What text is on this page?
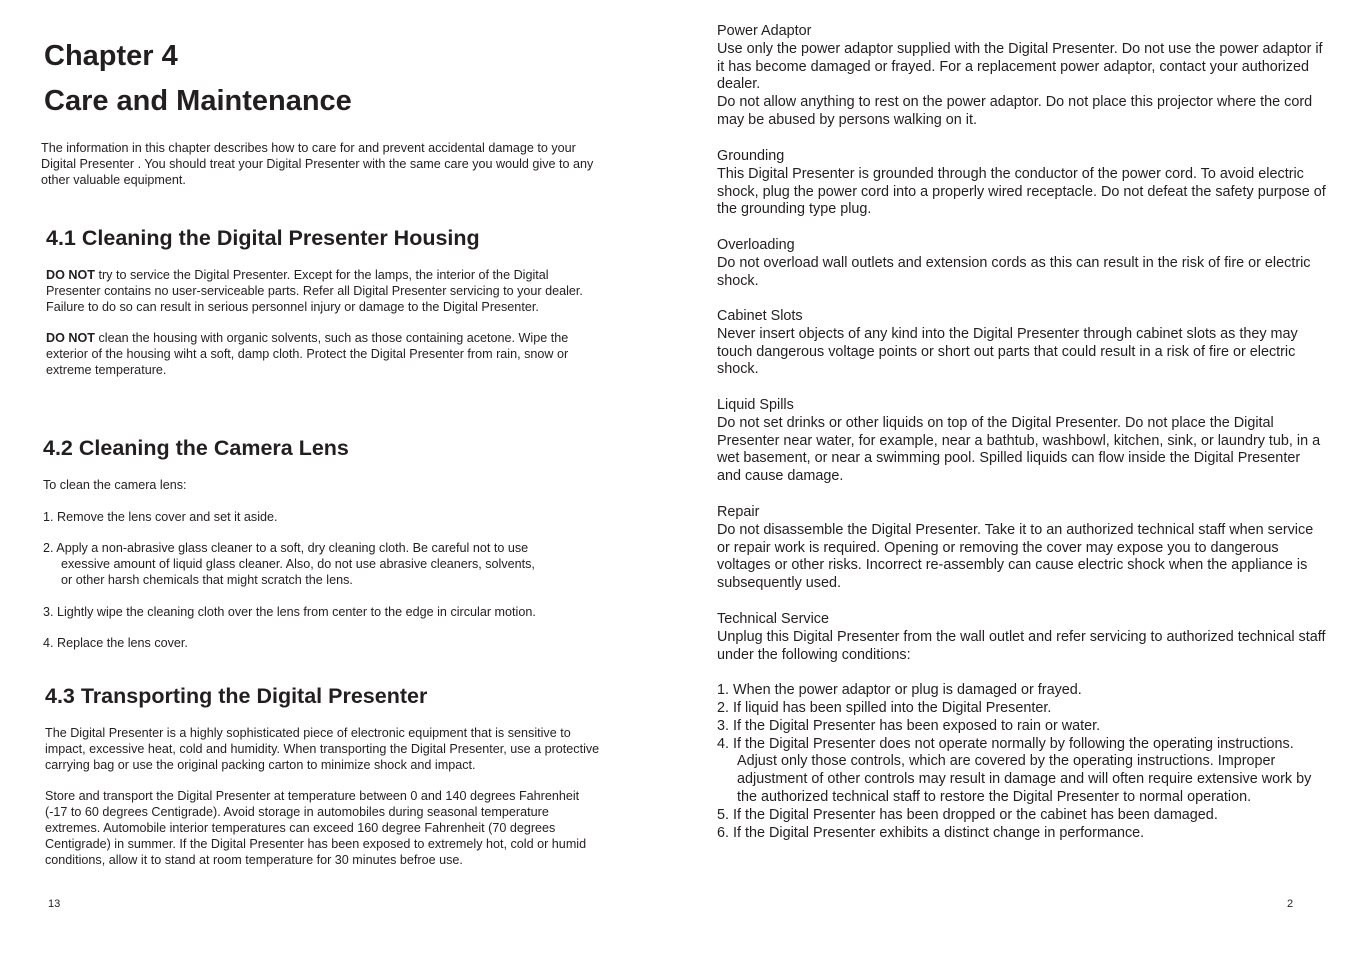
Chapter 4
Care and Maintenance

The information in this chapter describes how to care for and prevent accidental damage to your Digital Presenter . You should treat your Digital Presenter with the same care you would give to any other valuable equipment.

4.1 Cleaning the Digital Presenter Housing

DO NOT try to service the Digital Presenter. Except for the lamps, the interior of the Digital Presenter contains no user-serviceable parts. Refer all Digital Presenter servicing to your dealer. Failure to do so can result in serious personnel injury or damage to the Digital Presenter.

DO NOT clean the housing with organic solvents, such as those containing acetone. Wipe the exterior of the housing wiht a soft, damp cloth. Protect the Digital Presenter from rain, snow or extreme temperature.

4.2 Cleaning the Camera Lens

To clean the camera lens:

1. Remove the lens cover and set it aside.

2. Apply a non-abrasive glass cleaner to a soft, dry cleaning cloth. Be careful not to use
exessive amount of liquid glass cleaner. Also, do not use abrasive cleaners, solvents,
or other harsh chemicals that might scratch the lens.

3. Lightly wipe the cleaning cloth over the lens from center to the edge in circular motion.

4. Replace the lens cover.

4.3 Transporting the Digital Presenter

The Digital Presenter is a highly sophisticated piece of electronic equipment that is sensitive to impact, excessive heat, cold and humidity. When transporting the Digital Presenter, use a protective carrying bag or use the original packing carton to minimize shock and impact.

Store and transport the Digital Presenter at temperature between 0 and 140 degrees Fahrenheit (-17 to 60 degrees Centigrade). Avoid storage in automobiles during seasonal temperature extremes. Automobile interior temperatures can exceed 160 degree Fahrenheit (70 degrees Centigrade) in summer. If the Digital Presenter has been exposed to extremely hot, cold or humid conditions, allow it to stand at room temperature for 30 minutes befroe use.

13
Power Adaptor
Use only the power adaptor supplied with the Digital Presenter. Do not use the power adaptor if it has become damaged or frayed. For a replacement power adaptor, contact your authorized dealer.
Do not allow anything to rest on the power adaptor. Do not place this projector where the cord may be abused by persons walking on it.
Grounding
This Digital Presenter is grounded through the conductor of the power cord. To avoid electric shock, plug the power cord into a properly wired receptacle. Do not defeat the safety purpose of the grounding type plug.
Overloading
Do not overload wall outlets and extension cords as this can result in the risk of fire or electric shock.
Cabinet Slots
Never insert objects of any kind into the Digital Presenter through cabinet slots as they may touch dangerous voltage points or short out parts that could result in a risk of fire or electric shock.
Liquid Spills
Do not set drinks or other liquids on top of the Digital Presenter. Do not place the Digital Presenter near water, for example, near a bathtub, washbowl, kitchen, sink, or laundry tub, in a wet basement, or near a swimming pool. Spilled liquids can flow inside the Digital Presenter and cause damage.
Repair
Do not disassemble the Digital Presenter. Take it to an authorized technical staff when service or repair work is required. Opening or removing the cover may expose you to dangerous voltages or other risks. Incorrect re-assembly can cause electric shock when the appliance is subsequently used.
Technical Service
Unplug this Digital Presenter from the wall outlet and refer servicing to authorized technical staff under the following conditions:
1. When the power adaptor or plug is damaged or frayed.
2. If liquid has been spilled into the Digital Presenter.
3. If the Digital Presenter has been exposed to rain or water.
4. If the Digital Presenter does not operate normally by following the operating instructions.
Adjust only those controls, which are covered by the operating instructions. Improper adjustment of other controls may result in damage and will often require extensive work by the authorized technical staff to restore the Digital Presenter to normal operation.
5. If the Digital Presenter has been dropped or the cabinet has been damaged.
6. If the Digital Presenter exhibits a distinct change in performance.
2
